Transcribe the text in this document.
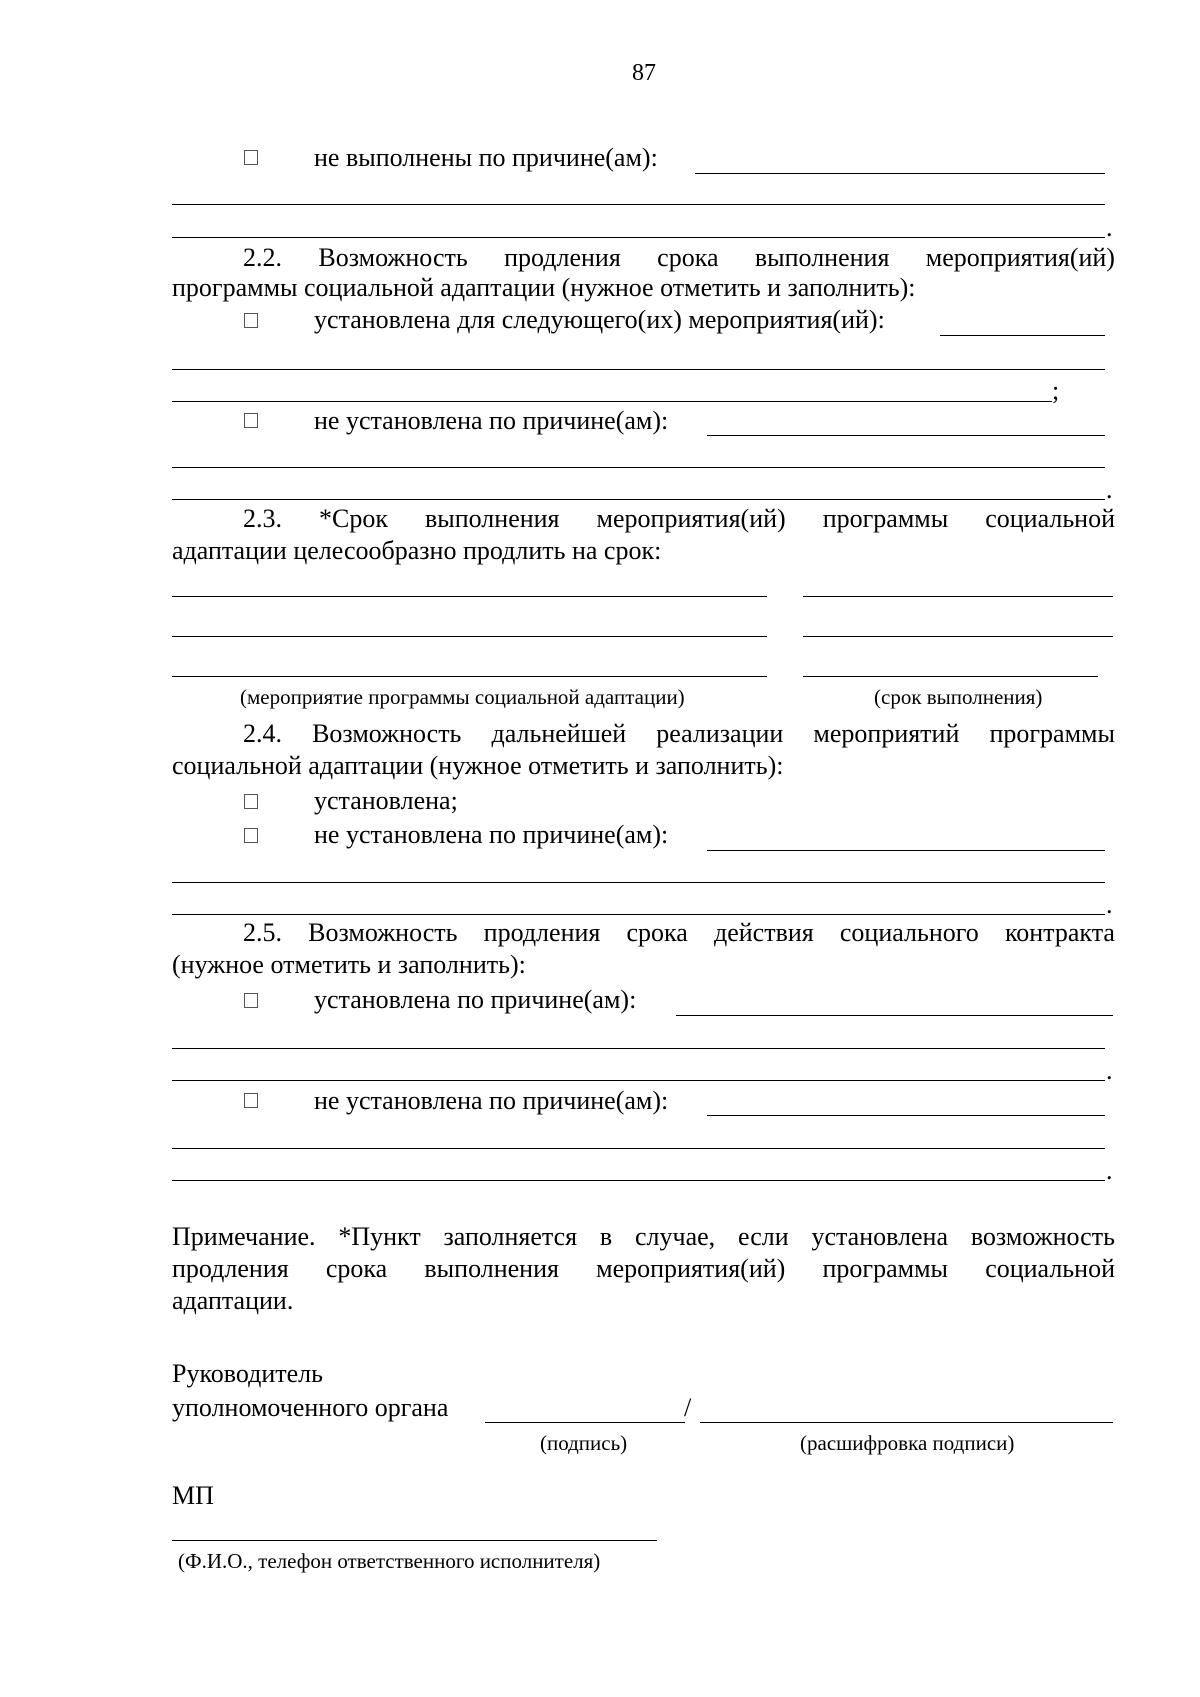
87
не выполнены по причине(ам):
.
2.2. Возможность продления срока выполнения мероприятия(ий)
программы социальной адаптации (нужное отметить и заполнить):
установлена для следующего(их) мероприятия(ий):
;
не установлена по причине(ам):
.
2.3. *Срок выполнения мероприятия(ий) программы социальной
адаптации целесообразно продлить на срок:
(мероприятие программы социальной адаптации)	(срок выполнения)
2.4. Возможность дальнейшей реализации мероприятий программы
социальной адаптации (нужное отметить и заполнить):
установлена;
не установлена по причине(ам):
.
2.5. Возможность продления срока действия социального контракта
(нужное отметить и заполнить):
установлена по причине(ам):
.
не установлена по причине(ам):
.
Примечание. *Пункт заполняется в случае, если установлена возможность
продления срока выполнения мероприятия(ий) программы социальной
адаптации.
Руководитель
уполномоченного органа	/
(подпись)	(расшифровка подписи)
МП
(Ф.И.О., телефон ответственного исполнителя)
